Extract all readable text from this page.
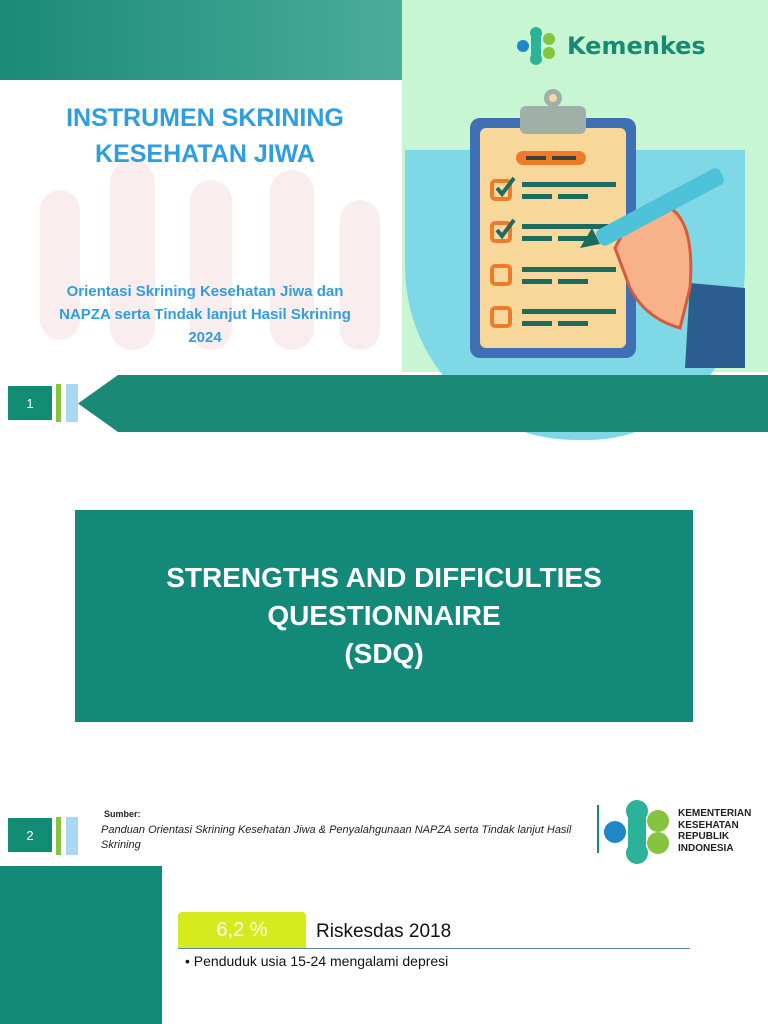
Kemenkes
INSTRUMEN SKRINING
KESEHATAN JIWA
Orientasi Skrining Kesehatan Jiwa dan
NAPZA serta Tindak lanjut Hasil Skrining
2024
1
STRENGTHS AND DIFFICULTIES
QUESTIONNAIRE
(SDQ)
2
Sumber:
Panduan Orientasi Skrining Kesehatan Jiwa & Penyalahgunaan NAPZA serta Tindak lanjut Hasil Skrining
KEMENTERIAN
KESEHATAN
REPUBLIK
INDONESIA
6,2 %	Riskesdas 2018
• Penduduk usia 15-24 mengalami depresi
